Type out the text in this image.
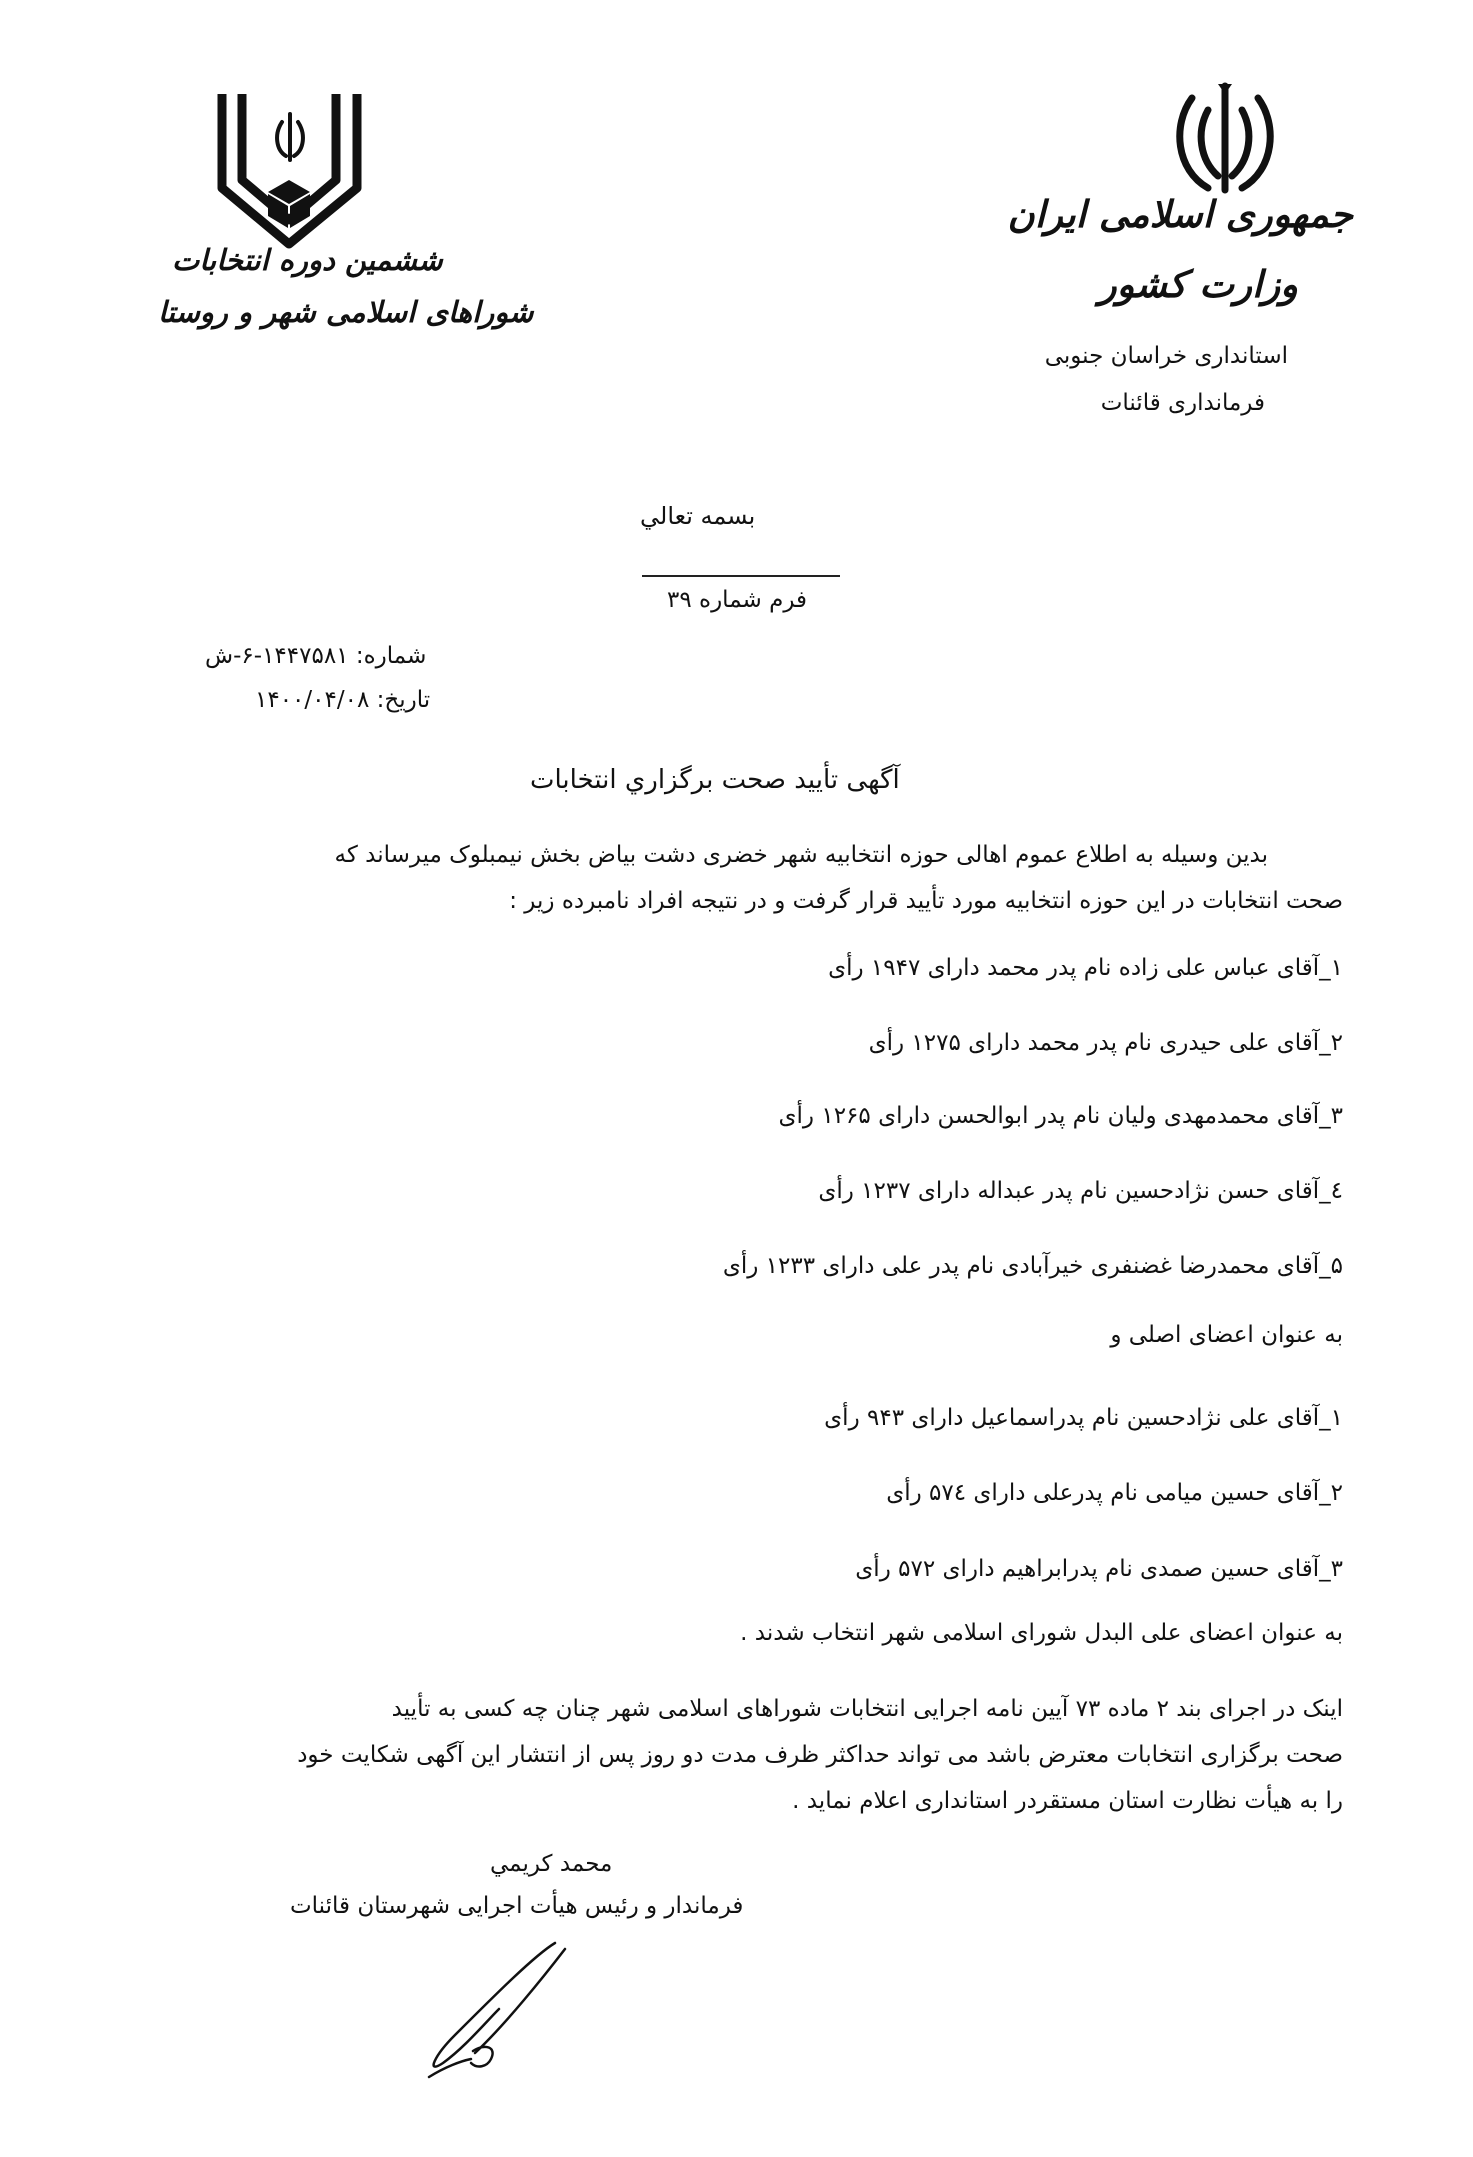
جمهوری اسلامی ایران
وزارت کشور
استانداری خراسان جنوبی
فرمانداری قائنات
ششمین دوره انتخابات
شوراهای اسلامی شهر و روستا
بسمه تعالي
فرم شماره ۳۹
شماره: ۱۴۴۷۵۸۱-۶-ش
تاریخ: ۱۴۰۰/۰۴/۰۸
آگهی تأیید صحت برگزاري انتخابات
بدین وسیله به اطلاع عموم اهالی حوزه انتخابیه شهر خضری دشت بیاض بخش نیمبلوک میرساند که
صحت انتخابات در این حوزه انتخابیه مورد تأیید قرار گرفت و در نتیجه افراد نامبرده زیر :
۱_آقای عباس علی زاده نام پدر محمد دارای ۱۹۴۷ رأی
۲_آقای علی حیدری نام پدر محمد دارای ۱۲۷۵ رأی
۳_آقای محمدمهدی ولیان نام پدر ابوالحسن دارای ۱۲۶۵ رأی
٤_آقای حسن نژادحسین نام پدر عبداله دارای ۱۲۳۷ رأی
۵_آقای محمدرضا غضنفری خیرآبادی نام پدر علی دارای ۱۲۳۳ رأی
به عنوان اعضای اصلی و
۱_آقای علی نژادحسین نام پدراسماعیل دارای ۹۴۳ رأی
۲_آقای حسین میامی نام پدرعلی دارای ۵۷٤ رأی
۳_آقای حسین صمدی نام پدرابراهیم دارای ۵۷۲ رأی
به عنوان اعضای علی البدل شورای اسلامی شهر انتخاب شدند .
اینک در اجرای بند ۲ ماده ۷۳ آیین نامه اجرایی انتخابات شوراهای اسلامی شهر چنان چه کسی به تأیید
صحت برگزاری انتخابات معترض باشد می تواند حداکثر ظرف مدت دو روز پس از انتشار این آگهی شکایت خود
را به هیأت نظارت استان مستقردر استانداری اعلام نماید .
محمد کریمي
فرماندار و رئیس هیأت اجرایی شهرستان قائنات
